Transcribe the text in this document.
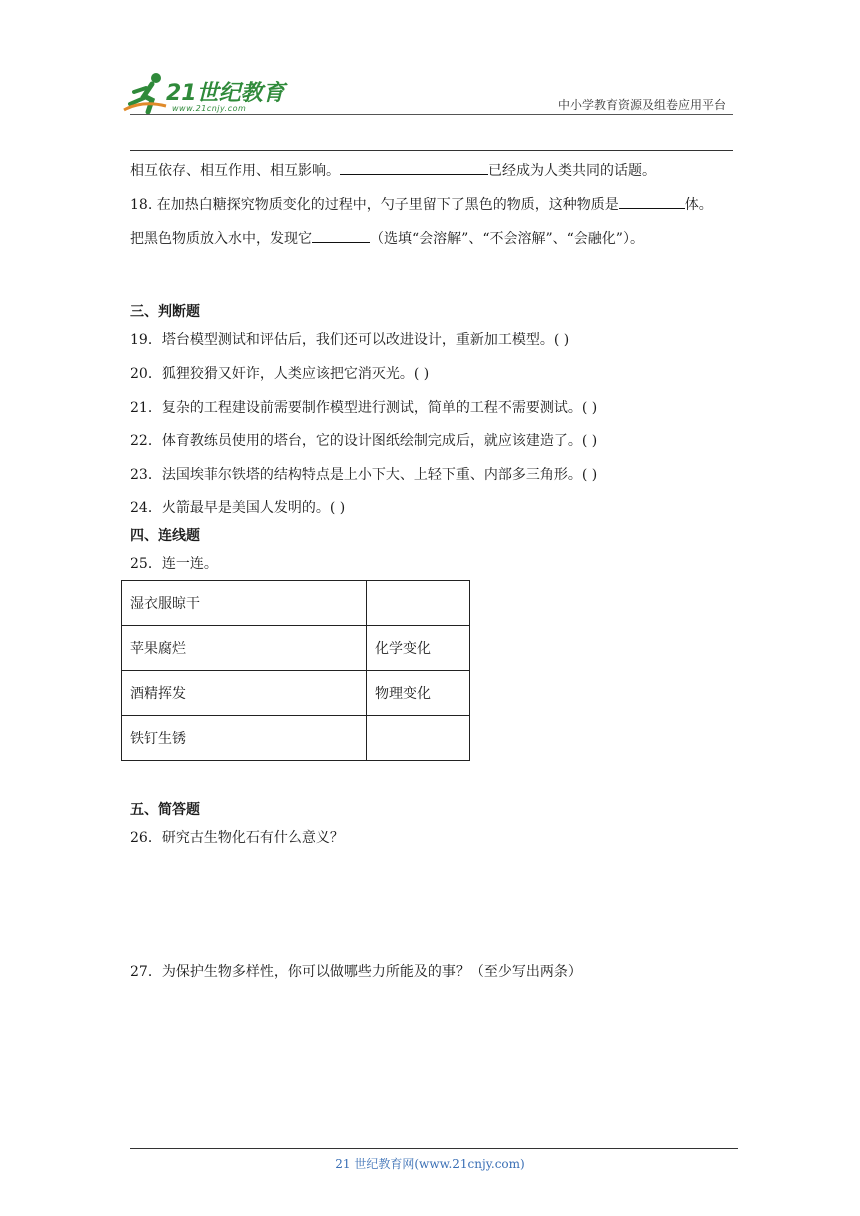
21世纪教育
www.21cnjy.com	中小学教育资源及组卷应用平台
相互依存、相互作用、相互影响。	已经成为人类共同的话题。
18. 在加热白糖探究物质变化的过程中，勺子里留下了黑色的物质，这种物质是	体。
把黑色物质放入水中，发现它	（选填“会溶解”、“不会溶解”、“会融化”）。
三、判断题
19．塔台模型测试和评估后，我们还可以改进设计，重新加工模型。( )
20．狐狸狡猾又奸诈，人类应该把它消灭光。( )
21．复杂的工程建设前需要制作模型进行测试，简单的工程不需要测试。( )
22．体育教练员使用的塔台，它的设计图纸绘制完成后，就应该建造了。( )
23．法国埃菲尔铁塔的结构特点是上小下大、上轻下重、内部多三角形。( )
24．火箭最早是美国人发明的。( )
四、连线题
25．连一连。
湿衣服晾干	
苹果腐烂	化学变化
酒精挥发	物理变化
铁钉生锈	
五、简答题
26．研究古生物化石有什么意义？
27．为保护生物多样性，你可以做哪些力所能及的事？（至少写出两条）
21 世纪教育网(www.21cnjy.com)
